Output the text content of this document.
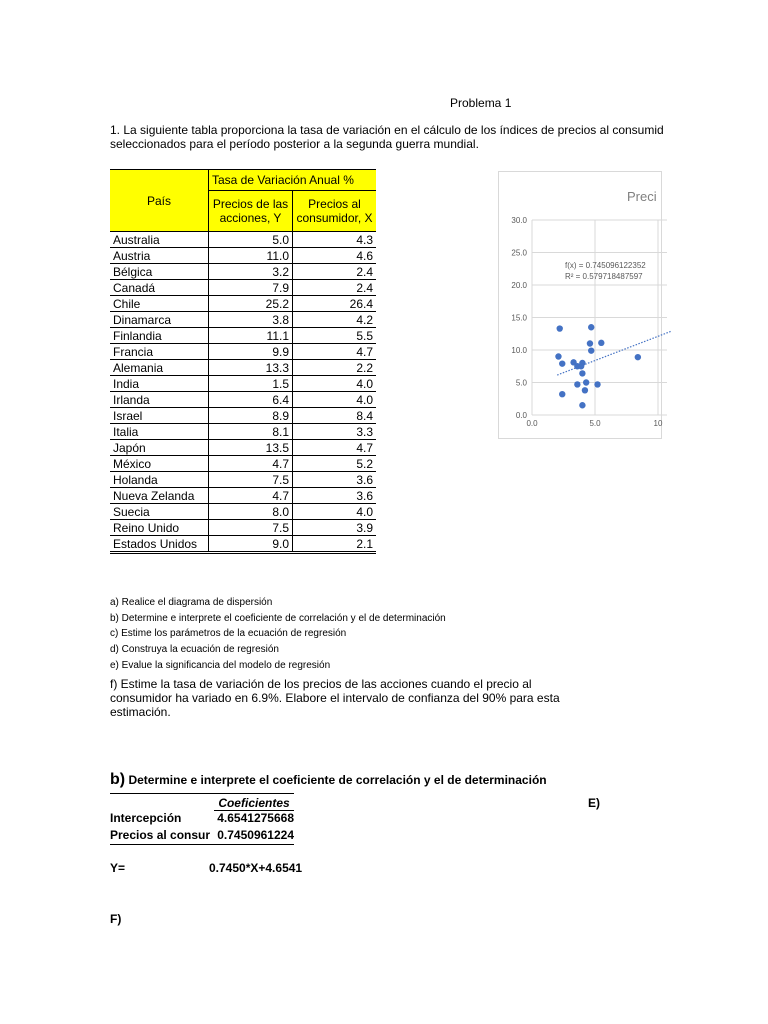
Problema 1
1. La siguiente tabla proporciona la tasa de variación en el cálculo de los índices de precios al consumid
seleccionados para el período posterior a la segunda guerra mundial.
País	Tasa de Variación Anual %	
	Precios de las acciones, Y	Precios al consumidor, X
Australia	5.0	4.3
Austria	11.0	4.6
Bélgica	3.2	2.4
Canadá	7.9	2.4
Chile	25.2	26.4
Dinamarca	3.8	4.2
Finlandia	11.1	5.5
Francia	9.9	4.7
Alemania	13.3	2.2
India	1.5	4.0
Irlanda	6.4	4.0
Israel	8.9	8.4
Italia	8.1	3.3
Japón	13.5	4.7
México	4.7	5.2
Holanda	7.5	3.6
Nueva Zelanda	4.7	3.6
Suecia	8.0	4.0
Reino Unido	7.5	3.9
Estados Unidos	9.0	2.1
30.0
25.0
20.0
15.0
10.0
5.0
0.0
0.0	5.0	10
Preci
f(x) = 0.745096122352
R² = 0.579718487597
a) Realice el diagrama de dispersión
b) Determine e interprete el coeficiente de correlación y el de determinación
c) Estime los parámetros de la ecuación de regresión
d) Construya la ecuación de regresión
e) Evalue la significancia del modelo de regresión
f) Estime la tasa de variación de los precios de las acciones cuando el precio al consumidor ha variado en 6.9%. Elabore el intervalo de confianza del 90% para esta estimación.
b) Determine e interprete el coeficiente de correlación y el de determinación
Coeficientes
Intercepción	4.6541275668
Precios al consur 0.7450961224
Y=	0.7450*X+4.6541
E)
F)
